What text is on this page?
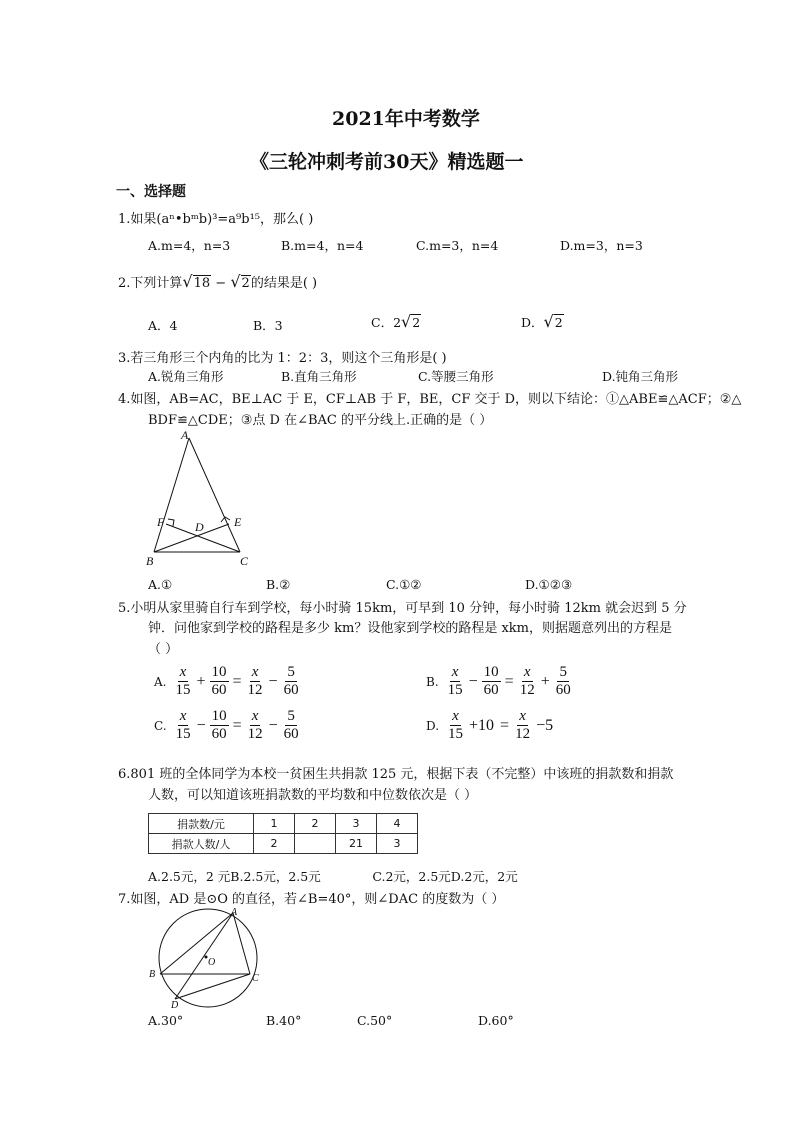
2021年中考数学
《三轮冲刺考前30天》精选题一
一、选择题
1.如果(aⁿ•bᵐb)³=a⁹b¹⁵，那么( )
A.m=4，n=3	B.m=4，n=4	C.m=3，n=4	D.m=3，n=3
2.下列计算√18 − √2的结果是( )
A．4	B．3	C．2√2	D．√2
3.若三角形三个内角的比为 1：2：3，则这个三角形是( )
A.锐角三角形	B.直角三角形	C.等腰三角形	D.钝角三角形
4.如图，AB=AC，BE⊥AC 于 E，CF⊥AB 于 F，BE，CF 交于 D，则以下结论：①△ABE≌△ACF；②△
BDF≌△CDE；③点 D 在∠BAC 的平分线上.正确的是（ ）
A
B	C
D	E
F
A.①	B.②	C.①②	D.①②③
5.小明从家里骑自行车到学校，每小时骑 15km，可早到 10 分钟，每小时骑 12km 就会迟到 5 分
钟．问他家到学校的路程是多少 km？设他家到学校的路程是 xkm，则据题意列出的方程是
（ ）
A. $\frac{x}{15} + \frac{10}{60} = \frac{x}{12} - \frac{5}{60}$	B. $\frac{x}{15} - \frac{10}{60} = \frac{x}{12} + \frac{5}{60}$
C. $\frac{x}{15} - \frac{10}{60} = \frac{x}{12} - \frac{5}{60}$	D. $\frac{x}{15} +10 = \frac{x}{12} -5$
6.801 班的全体同学为本校一贫困生共捐款 125 元，根据下表（不完整）中该班的捐款数和捐款
人数，可以知道该班捐款数的平均数和中位数依次是（ ）
捐款数/元	1	2	3	4
捐款人数/人	2		21	3
A.2.5元，2 元B.2.5元，2.5元             C.2元，2.5元D.2元，2元
7.如图，AD 是⊙O 的直径，若∠B=40°，则∠DAC 的度数为（ ）
A
B	C
D
O
A.30°	B.40°	C.50°	D.60°
